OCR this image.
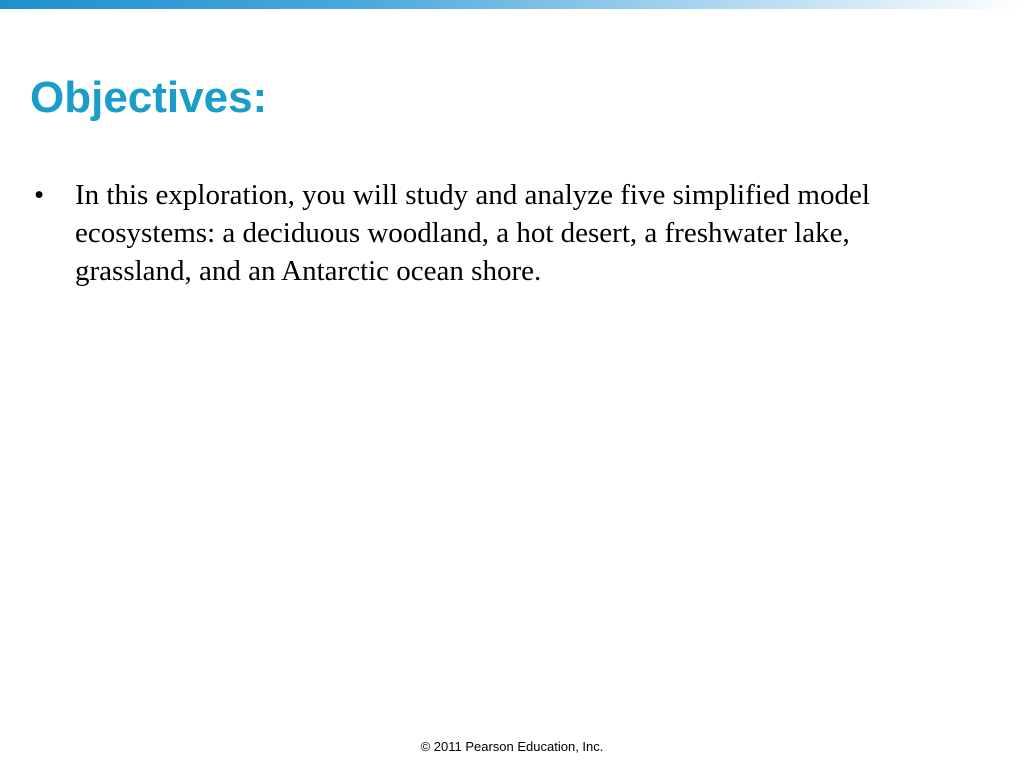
Objectives:
•	In this exploration, you will study and analyze five simplified model ecosystems: a deciduous woodland, a hot desert, a freshwater lake, grassland, and an Antarctic ocean shore.
© 2011 Pearson Education, Inc.
